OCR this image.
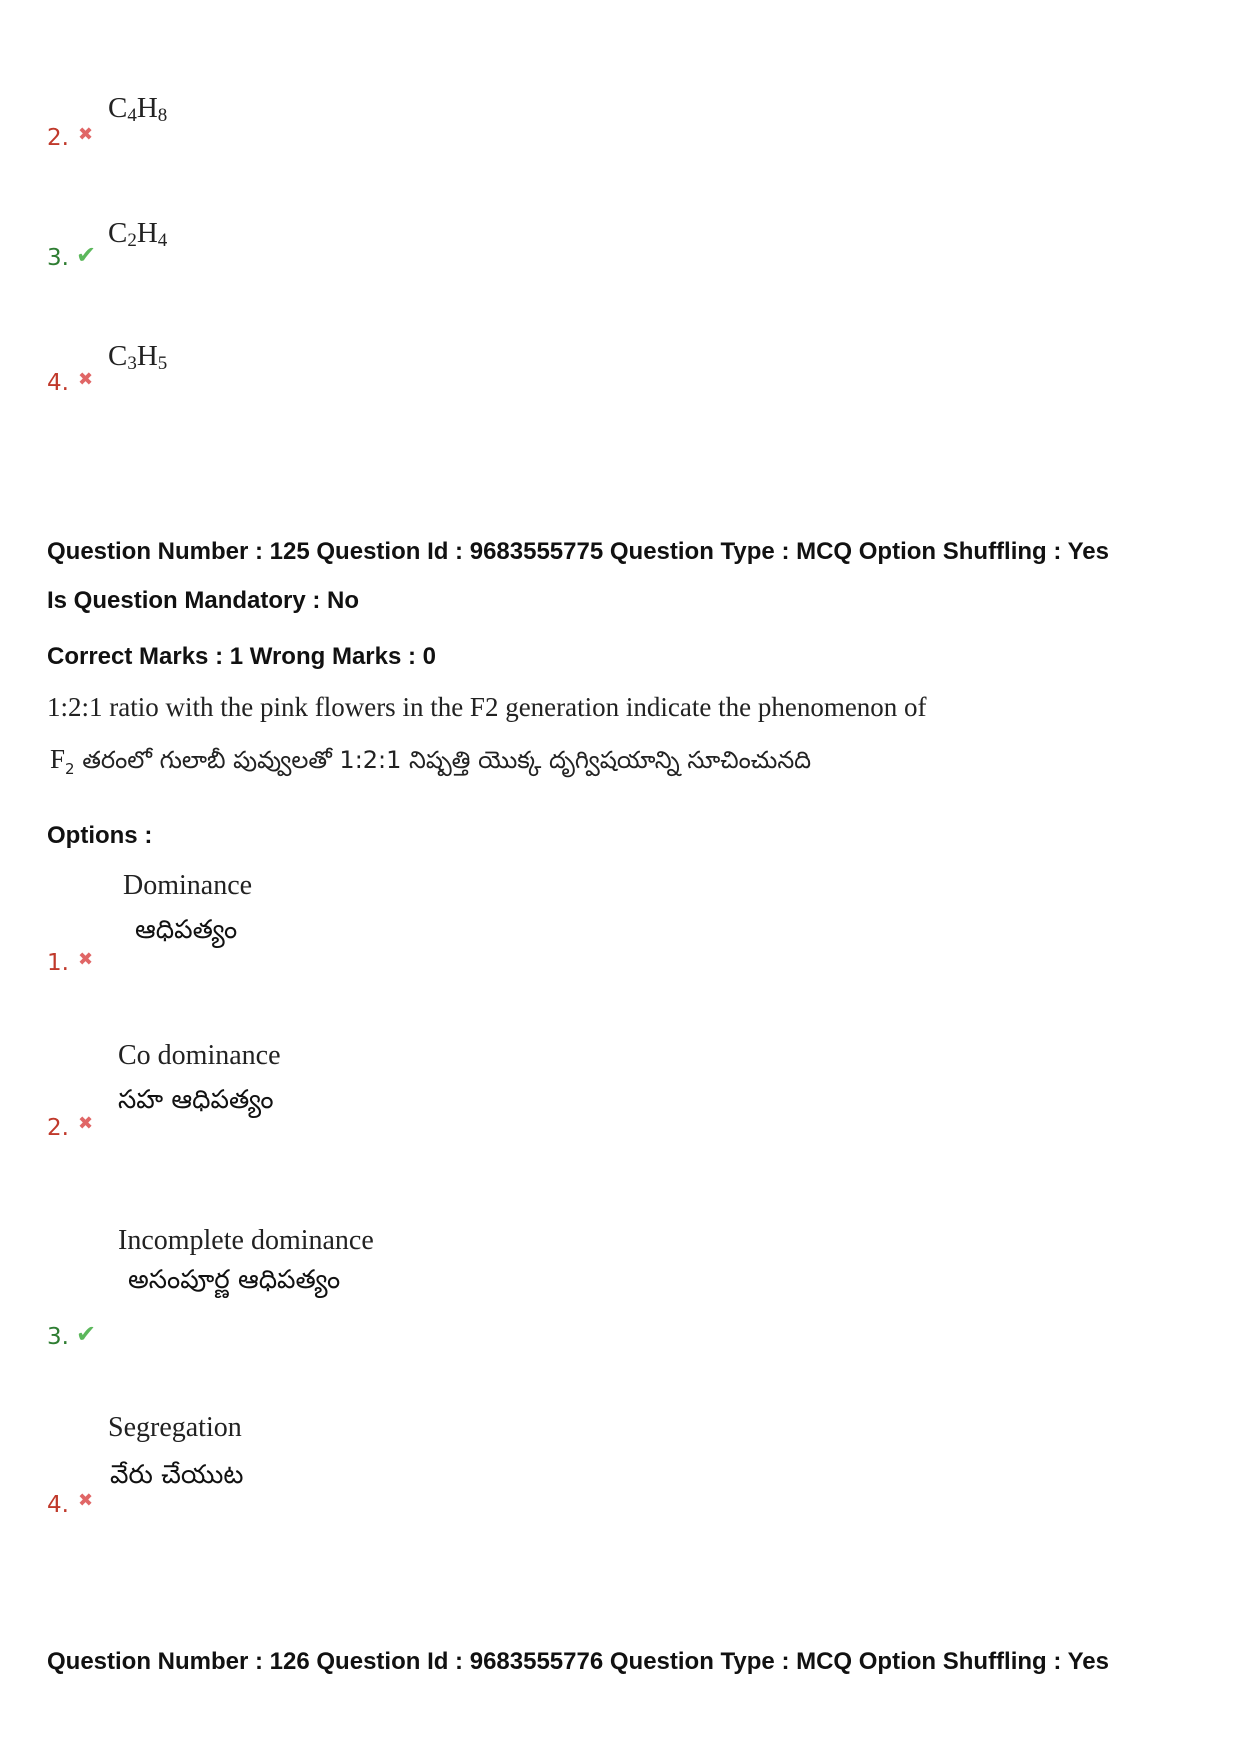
2. ✖
$C_4H_8$
3. ✔
$C_2H_4$
4. ✖
$C_3H_5$
Question Number : 125 Question Id : 9683555775 Question Type : MCQ Option Shuffling : Yes
Is Question Mandatory : No
Correct Marks : 1 Wrong Marks : 0
1:2:1 ratio with the pink flowers in the F2 generation indicate the phenomenon of
$F_2$ తరంలో గులాబీ పువ్వులతో 1:2:1 నిష్పత్తి యొక్క దృగ్విషయాన్ని సూచించునది
Options :
Dominance
ఆధిపత్యం
1. ✖
Co dominance
సహ ఆధిపత్యం
2. ✖
Incomplete dominance
అసంపూర్ణ ఆధిపత్యం
3. ✔
Segregation
వేరు చేయుట
4. ✖
Question Number : 126 Question Id : 9683555776 Question Type : MCQ Option Shuffling : Yes
